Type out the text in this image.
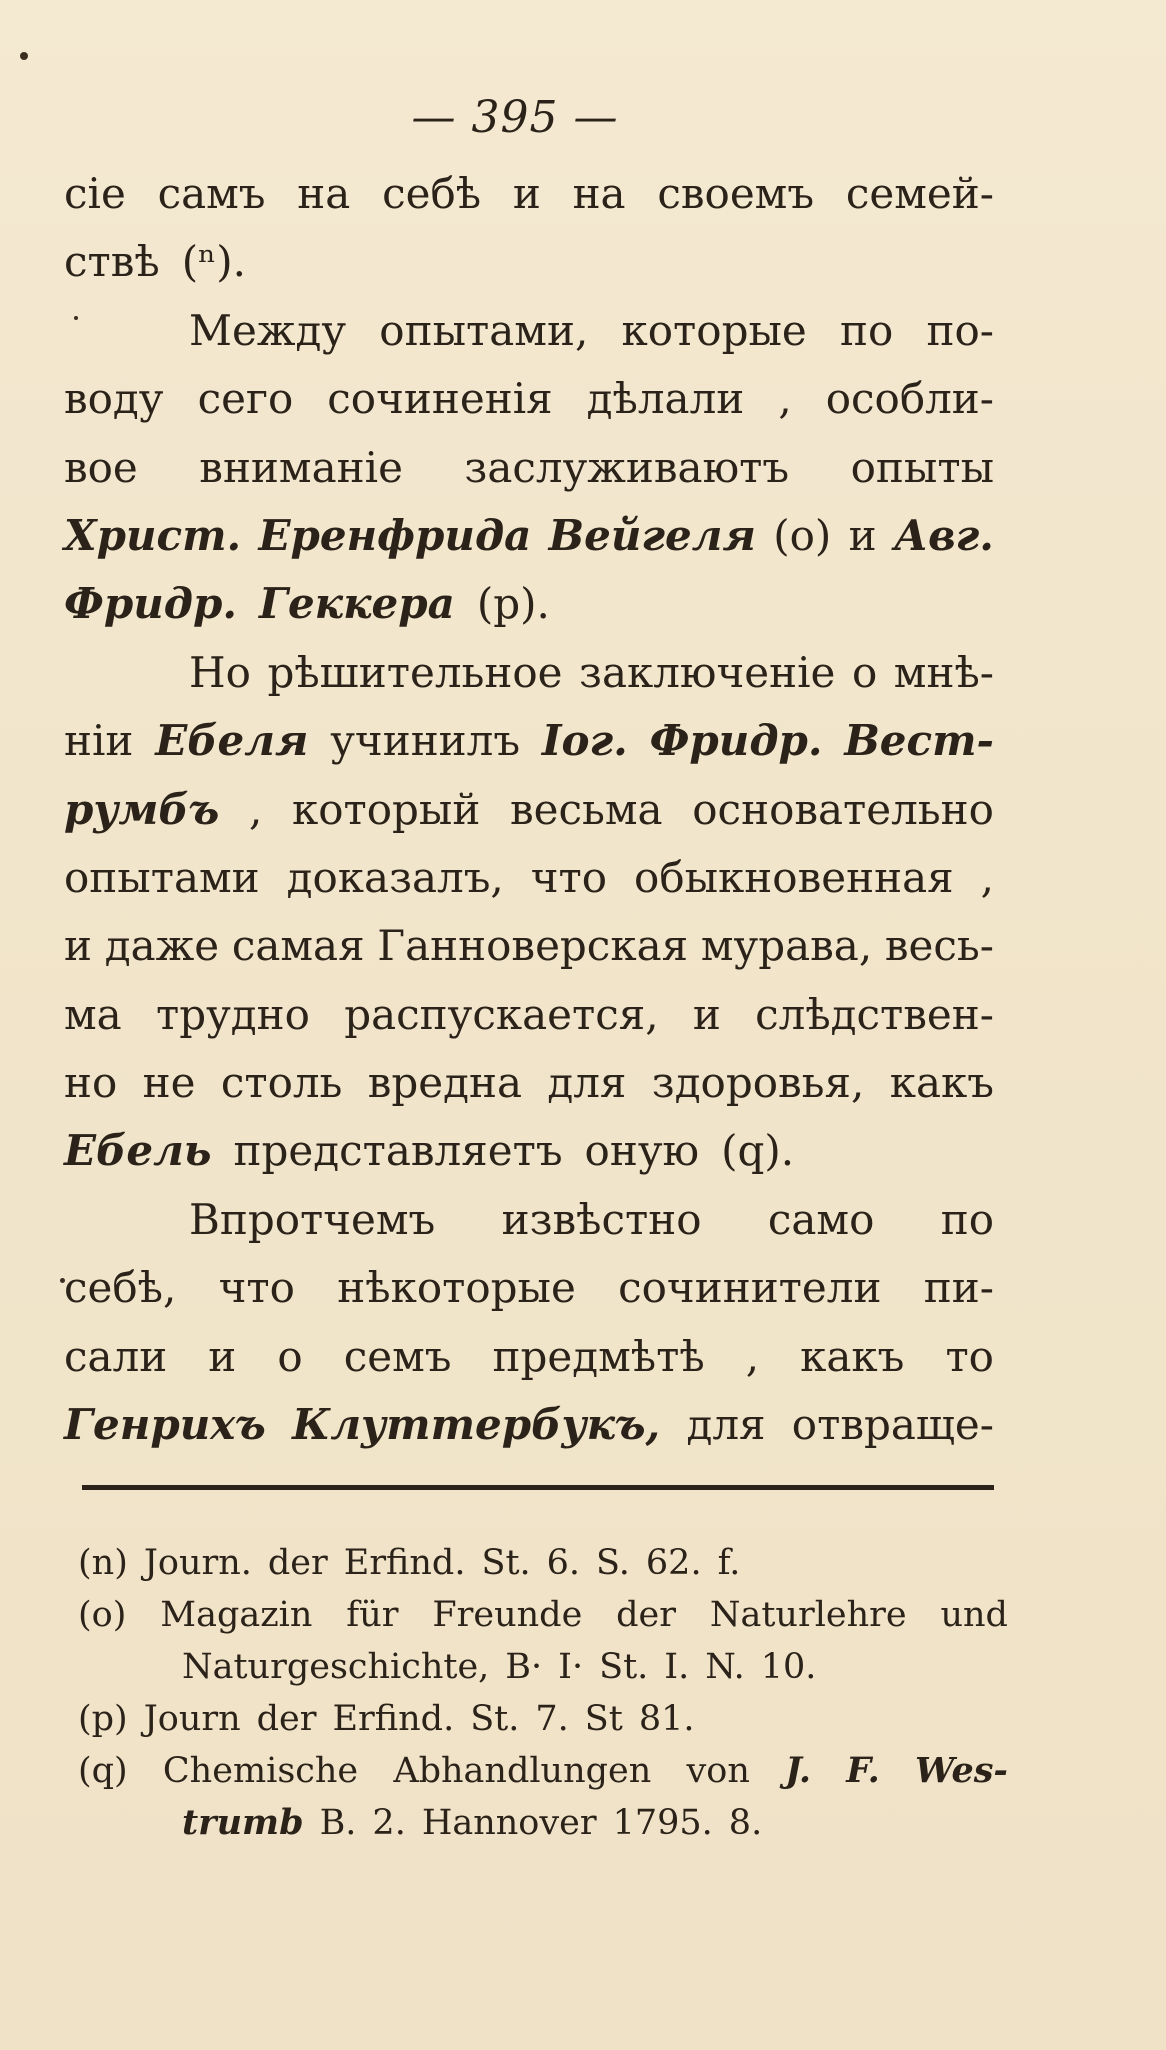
— 395 —
сіе самъ на себѣ и на своемъ семей-
ствѣ (ⁿ).
Между опытами, которые по по-
воду сего сочиненія дѣлали , особли-
вое вниманіе заслуживаютъ опыты
Христ. Еренфрида Вейгеля (o) и Авг.
Фридр. Геккера (p).
Но рѣшительное заключеніе о мнѣ-
ніи Ебеля учинилъ Іог. Фридр. Вест-
румбъ , который весьма основательно
опытами доказалъ, что обыкновенная ,
и даже самая Ганноверская мурава, весь-
ма трудно распускается, и слѣдствен-
но не столь вредна для здоровья, какъ
Ебель представляетъ оную (q).
Впротчемъ извѣстно само по
себѣ, что нѣкоторые сочинители пи-
сали и о семъ предмѣтѣ , какъ то
Генрихъ Клуттербукъ, для отвраще-
(n) Journ. der Erfind. St. 6. S. 62. f.
(o) Magazin für Freunde der Naturlehre und
Naturgeschichte, B· I· St. I. N. 10.
(p) Journ der Erfind. St. 7. St 81.
(q) Chemische Abhandlungen von J. F. Wes-
trumb B. 2. Hannover 1795. 8.
